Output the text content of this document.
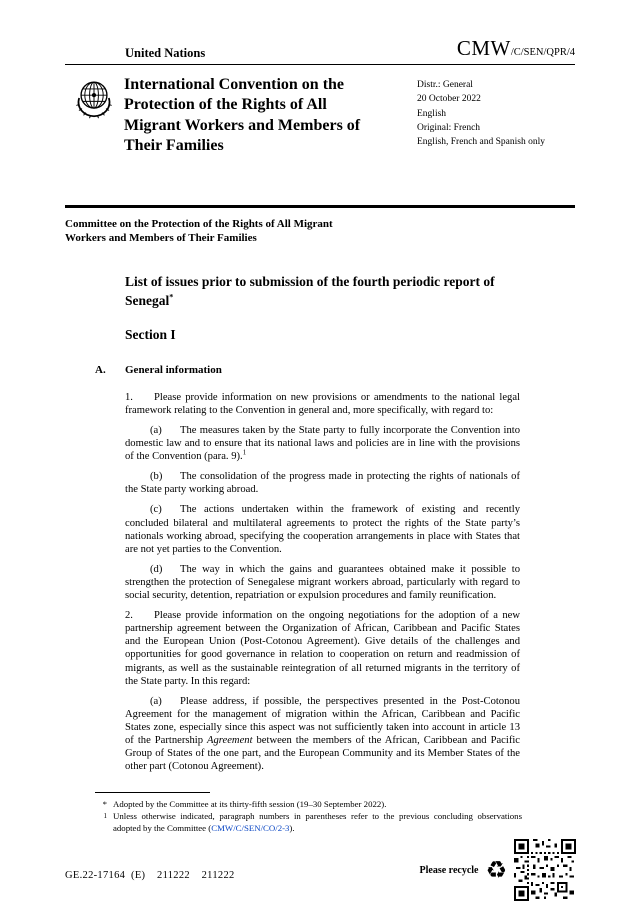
United Nations	CMW/C/SEN/QPR/4
International Convention on the Protection of the Rights of All Migrant Workers and Members of Their Families
Distr.: General
20 October 2022
English
Original: French
English, French and Spanish only
Committee on the Protection of the Rights of All Migrant Workers and Members of Their Families
List of issues prior to submission of the fourth periodic report of Senegal*
Section I
A.	General information

1. Please provide information on new provisions or amendments to the national legal framework relating to the Convention in general and, more specifically, with regard to:

(a) The measures taken by the State party to fully incorporate the Convention into domestic law and to ensure that its national laws and policies are in line with the provisions of the Convention (para. 9).$^1$

(b) The consolidation of the progress made in protecting the rights of nationals of the State party working abroad.

(c) The actions undertaken within the framework of existing and recently concluded bilateral and multilateral agreements to protect the rights of the State party’s nationals working abroad, specifying the cooperation arrangements in place with States that are not yet parties to the Convention.

(d) The way in which the gains and guarantees obtained make it possible to strengthen the protection of Senegalese migrant workers abroad, particularly with regard to social security, detention, repatriation or expulsion procedures and family reunification.

2. Please provide information on the ongoing negotiations for the adoption of a new partnership agreement between the Organization of African, Caribbean and Pacific States and the European Union (Post-Cotonou Agreement). Give details of the challenges and opportunities for good governance in relation to cooperation on return and readmission of migrants, as well as the sustainable reintegration of all returned migrants in the territory of the State party. In this regard:

(a) Please address, if possible, the perspectives presented in the Post-Cotonou Agreement for the management of migration within the African, Caribbean and Pacific States zone, especially since this aspect was not sufficiently taken into account in article 13 of the Partnership Agreement between the members of the African, Caribbean and Pacific Group of States of the one part, and the European Community and its Member States of the other part (Cotonou Agreement).

* Adopted by the Committee at its thirty-fifth session (19–30 September 2022).
1 Unless otherwise indicated, paragraph numbers in parentheses refer to the previous concluding observations adopted by the Committee (CMW/C/SEN/CO/2-3).
GE.22-17164  (E)    211222    211222	Please recycle ♻
